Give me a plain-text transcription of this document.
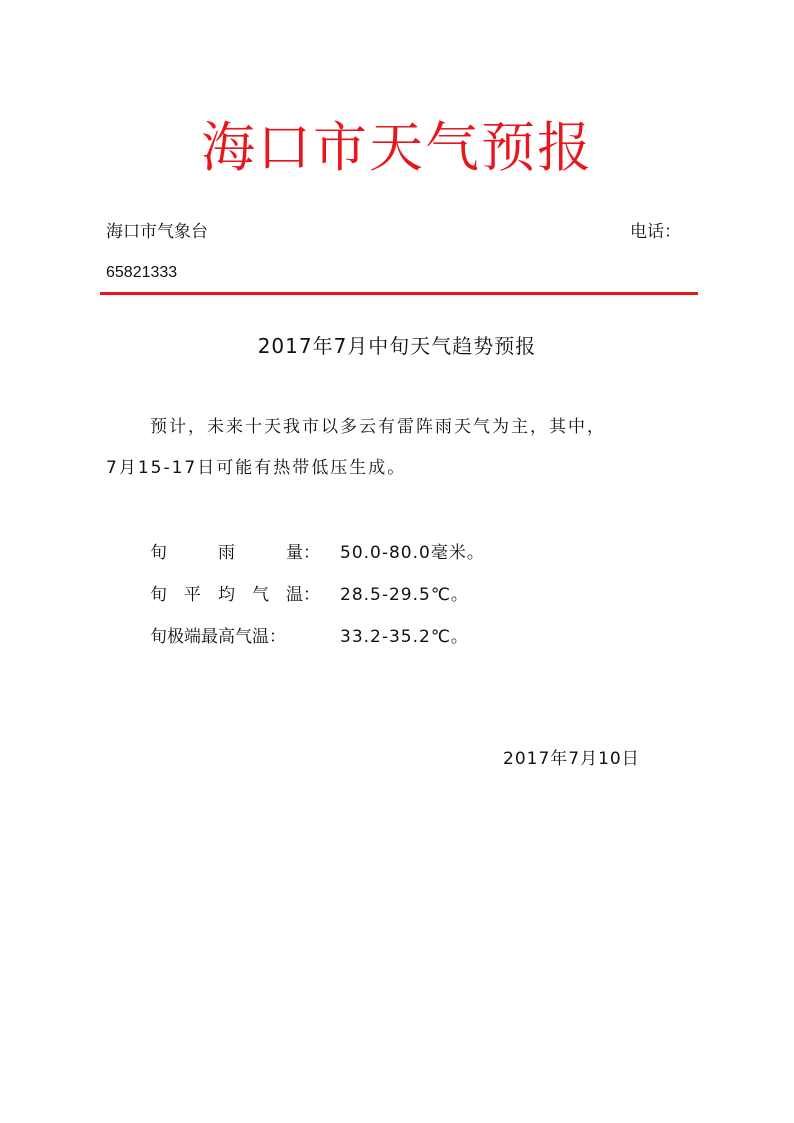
海口市天气预报
海口市气象台	电话：
65821333
2017年7月中旬天气趋势预报
预计，未来十天我市以多云有雷阵雨天气为主，其中，
7月15-17日可能有热带低压生成。
旬	雨	量 ： 50.0-80.0毫米。
旬 平 均 气 温 ： 28.5-29.5℃。
旬极端最高气温：	33.2-35.2℃。
2017年7月10日
